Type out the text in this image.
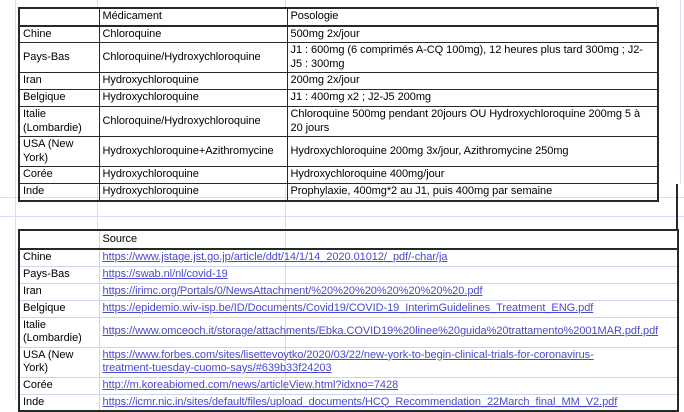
	Médicament	Posologie
Chine	Chloroquine	500mg 2x/jour
Pays-Bas	Chloroquine/Hydroxychloroquine	J1 : 600mg (6 comprimés A-CQ 100mg), 12 heures plus tard 300mg ; J2-J5 : 300mg
Iran	Hydroxychloroquine	200mg 2x/jour
Belgique	Hydroxychloroquine	J1 : 400mg x2 ; J2-J5 200mg
Italie (Lombardie)	Chloroquine/Hydroxychloroquine	Chloroquine 500mg pendant 20jours OU Hydroxychloroquine 200mg 5 à 20 jours
USA (New York)	Hydroxychloroquine+Azithromycine	Hydroxychloroquine 200mg 3x/jour, Azithromycine 250mg
Corée	Hydroxychloroquine	Hydroxychloroquine 400mg/jour
Inde	Hydroxychloroquine	Prophylaxie, 400mg*2 au J1, puis 400mg par semaine
	Source
Chine	https://www.jstage.jst.go.jp/article/ddt/14/1/14_2020.01012/_pdf/-char/ja
Pays-Bas	https://swab.nl/nl/covid-19
Iran	https://irimc.org/Portals/0/NewsAttachment/%20%20%20%20%20%20%20.pdf
Belgique	https://epidemio.wiv-isp.be/ID/Documents/Covid19/COVID-19_InterimGuidelines_Treatment_ENG.pdf
Italie (Lombardie)	https://www.omceoch.it/storage/attachments/Ebka.COVID19%20linee%20guida%20trattamento%2001MAR.pdf.pdf
USA (New York)	https://www.forbes.com/sites/lisettevoytko/2020/03/22/new-york-to-begin-clinical-trials-for-coronavirus-treatment-tuesday-cuomo-says/#639b33f24203
Corée	http://m.koreabiomed.com/news/articleView.html?idxno=7428
Inde	https://icmr.nic.in/sites/default/files/upload_documents/HCQ_Recommendation_22March_final_MM_V2.pdf
